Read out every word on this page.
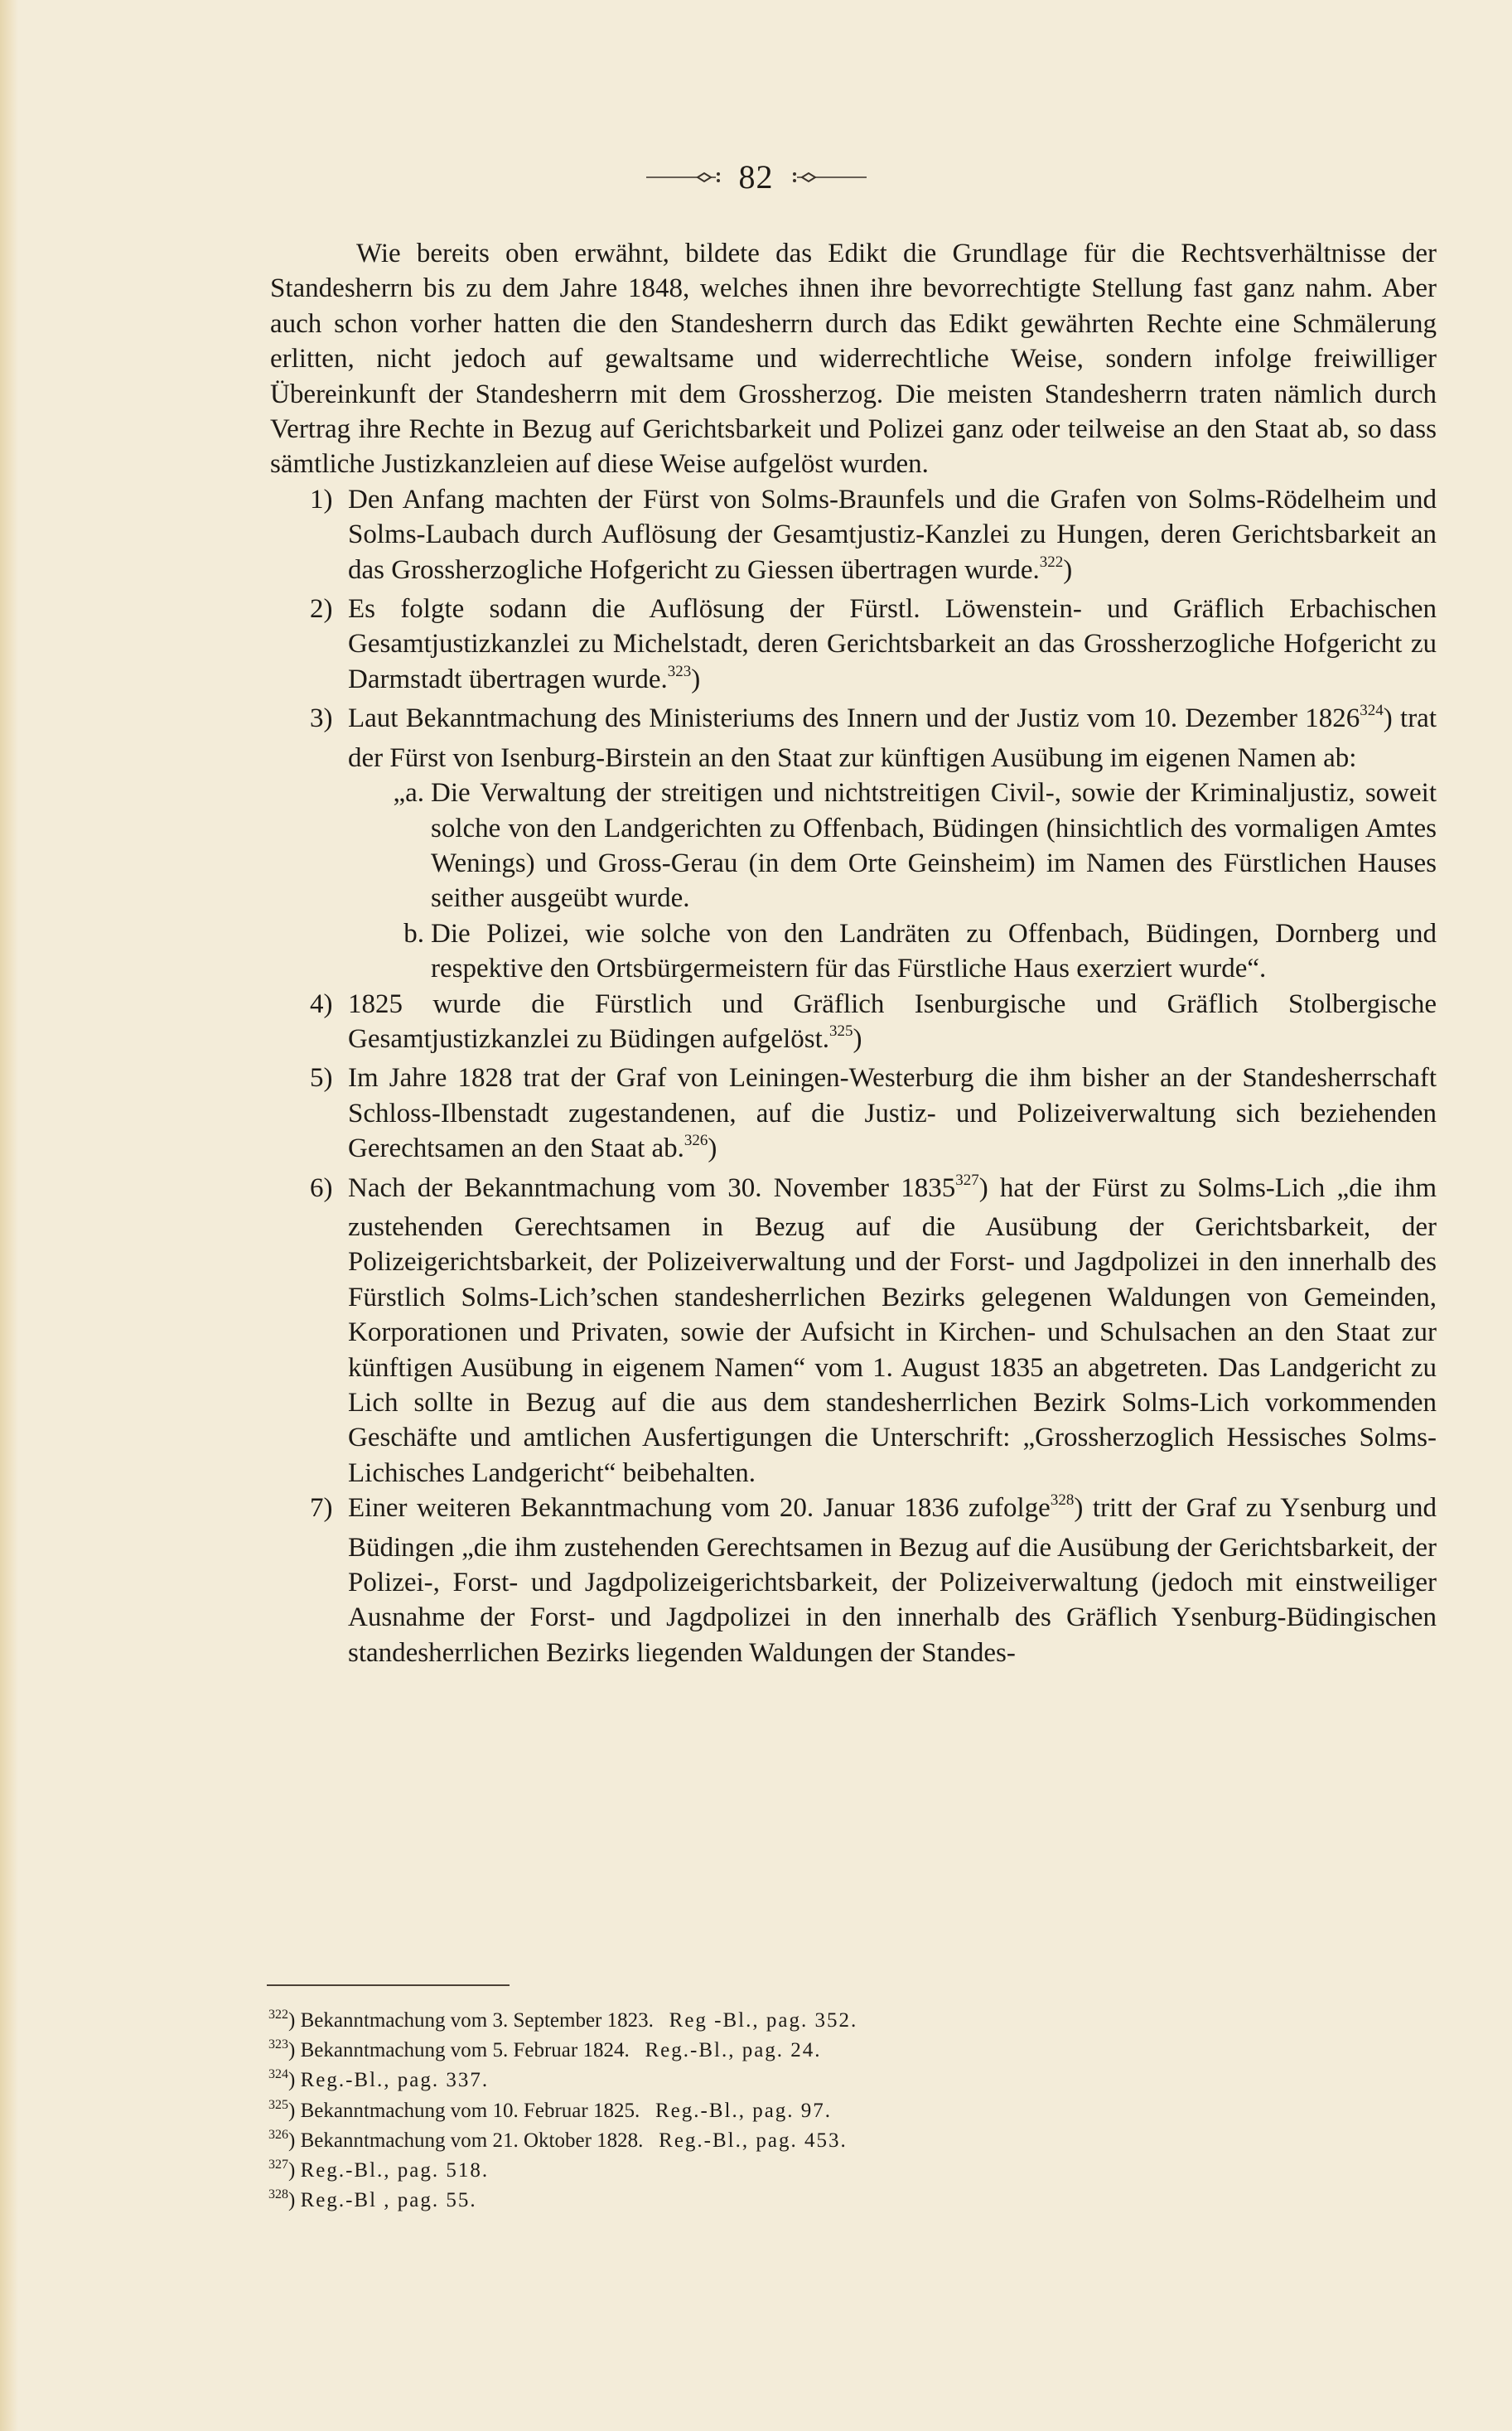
82

Wie bereits oben erwähnt, bildete das Edikt die Grundlage für die Rechtsverhältnisse der Standesherrn bis zu dem Jahre 1848, welches ihnen ihre bevorrechtigte Stellung fast ganz nahm. Aber auch schon vorher hatten die den Standesherrn durch das Edikt gewährten Rechte eine Schmälerung erlitten, nicht jedoch auf gewaltsame und widerrechtliche Weise, sondern infolge freiwilliger Übereinkunft der Standesherrn mit dem Grossherzog. Die meisten Standesherrn traten nämlich durch Vertrag ihre Rechte in Bezug auf Gerichtsbarkeit und Polizei ganz oder teilweise an den Staat ab, so dass sämtliche Justizkanzleien auf diese Weise aufgelöst wurden.

1) Den Anfang machten der Fürst von Solms-Braunfels und die Grafen von Solms-Rödelheim und Solms-Laubach durch Auflösung der Gesamtjustiz-Kanzlei zu Hungen, deren Gerichtsbarkeit an das Grossherzogliche Hofgericht zu Giessen übertragen wurde.$^{322}$)

2) Es folgte sodann die Auflösung der Fürstl. Löwenstein- und Gräflich Erbachischen Gesamtjustizkanzlei zu Michelstadt, deren Gerichtsbarkeit an das Grossherzogliche Hofgericht zu Darmstadt übertragen wurde.$^{323}$)

3) Laut Bekanntmachung des Ministeriums des Innern und der Justiz vom 10. Dezember 1826$^{324}$) trat der Fürst von Isenburg-Birstein an den Staat zur künftigen Ausübung im eigenen Namen ab:

„a. Die Verwaltung der streitigen und nichtstreitigen Civil-, sowie der Kriminaljustiz, soweit solche von den Landgerichten zu Offenbach, Büdingen (hinsichtlich des vormaligen Amtes Wenings) und Gross-Gerau (in dem Orte Geinsheim) im Namen des Fürstlichen Hauses seither ausgeübt wurde.

b. Die Polizei, wie solche von den Landräten zu Offenbach, Büdingen, Dornberg und respektive den Ortsbürgermeistern für das Fürstliche Haus exerziert wurde“.

4) 1825 wurde die Fürstlich und Gräflich Isenburgische und Gräflich Stolbergische Gesamtjustizkanzlei zu Büdingen aufgelöst.$^{325}$)

5) Im Jahre 1828 trat der Graf von Leiningen-Westerburg die ihm bisher an der Standesherrschaft Schloss-Ilbenstadt zugestandenen, auf die Justiz- und Polizeiverwaltung sich beziehenden Gerechtsamen an den Staat ab.$^{326}$)

6) Nach der Bekanntmachung vom 30. November 1835$^{327}$) hat der Fürst zu Solms-Lich „die ihm zustehenden Gerechtsamen in Bezug auf die Ausübung der Gerichtsbarkeit, der Polizeigerichtsbarkeit, der Polizeiverwaltung und der Forst- und Jagdpolizei in den innerhalb des Fürstlich Solms-Lich’schen standesherrlichen Bezirks gelegenen Waldungen von Gemeinden, Korporationen und Privaten, sowie der Aufsicht in Kirchen- und Schulsachen an den Staat zur künftigen Ausübung in eigenem Namen“ vom 1. August 1835 an abgetreten. Das Landgericht zu Lich sollte in Bezug auf die aus dem standesherrlichen Bezirk Solms-Lich vorkommenden Geschäfte und amtlichen Ausfertigungen die Unterschrift: „Grossherzoglich Hessisches Solms-Lichisches Landgericht“ beibehalten.

7) Einer weiteren Bekanntmachung vom 20. Januar 1836 zufolge$^{328}$) tritt der Graf zu Ysenburg und Büdingen „die ihm zustehenden Gerechtsamen in Bezug auf die Ausübung der Gerichtsbarkeit, der Polizei-, Forst- und Jagdpolizeigerichtsbarkeit, der Polizeiverwaltung (jedoch mit einstweiliger Ausnahme der Forst- und Jagdpolizei in den innerhalb des Gräflich Ysenburg-Büdingischen standesherrlichen Bezirks liegenden Waldungen der Standes-

$^{322}$) Bekanntmachung vom 3. September 1823. Reg -Bl., pag. 352.

$^{323}$) Bekanntmachung vom 5. Februar 1824. Reg.-Bl., pag. 24.

$^{324}$) Reg.-Bl., pag. 337.

$^{325}$) Bekanntmachung vom 10. Februar 1825. Reg.-Bl., pag. 97.

$^{326}$) Bekanntmachung vom 21. Oktober 1828. Reg.-Bl., pag. 453.

$^{327}$) Reg.-Bl., pag. 518.

$^{328}$) Reg.-Bl , pag. 55.
